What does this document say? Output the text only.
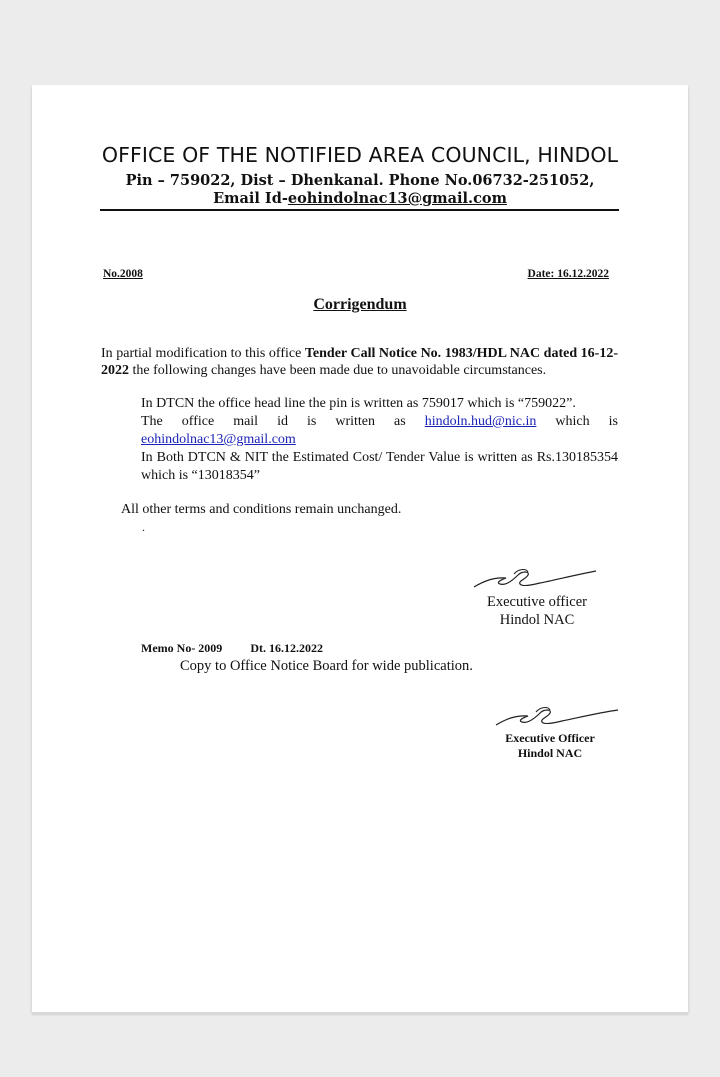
OFFICE OF THE NOTIFIED AREA COUNCIL, HINDOL
Pin – 759022, Dist – Dhenkanal. Phone No.06732-251052,
Email Id-eohindolnac13@gmail.com
No.2008	Date: 16.12.2022
Corrigendum
In partial modification to this office Tender Call Notice No. 1983/HDL NAC dated 16-12-2022 the following changes have been made due to unavoidable circumstances.
In DTCN the office head line the pin is written as 759017 which is “759022”.
The office mail id is written as hindoln.hud@nic.in which is
eohindolnac13@gmail.com
In Both DTCN & NIT the Estimated Cost/ Tender Value is written as Rs.130185354 which is “13018354”
All other terms and conditions remain unchanged.
.
Executive officer
Hindol NAC
Memo No- 2009 Dt. 16.12.2022
Copy to Office Notice Board for wide publication.
Executive Officer
Hindol NAC
